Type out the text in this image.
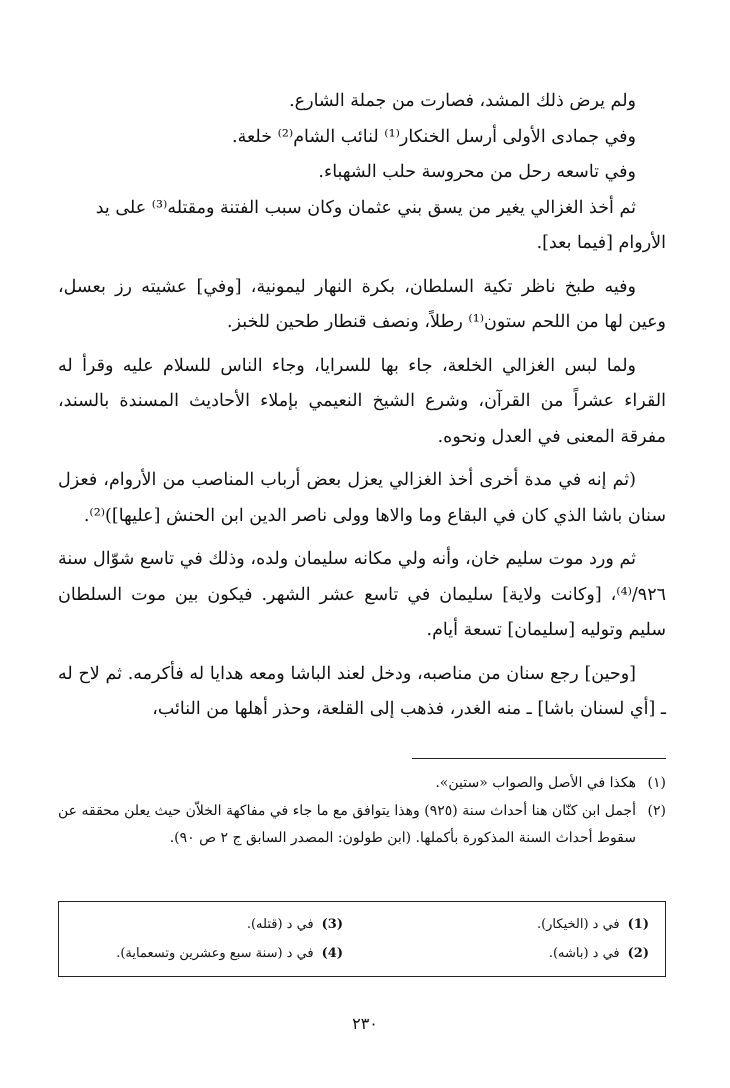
ولم يرض ذلك المشد، فصارت من جملة الشارع.
وفي جمادى الأولى أرسل الخنكار⁽¹⁾ لنائب الشام⁽²⁾ خلعة.
وفي تاسعه رحل من محروسة حلب الشهباء.
ثم أخذ الغزالي يغير من يسق بني عثمان وكان سبب الفتنة ومقتله⁽³⁾ على يد
الأروام [فيما بعد].

وفيه طبخ ناظر تكية السلطان، بكرة النهار ليمونية، [وفي] عشيته رز بعسل، وعين لها من اللحم ستون⁽¹⁾ رطلاً، ونصف قنطار طحين للخبز.

ولما لبس الغزالي الخلعة، جاء بها للسرايا، وجاء الناس للسلام عليه وقرأ له القراء عشراً من القرآن، وشرع الشيخ النعيمي بإملاء الأحاديث المسندة بالسند، مفرقة المعنى في العدل ونحوه.

(ثم إنه في مدة أخرى أخذ الغزالي يعزل بعض أرباب المناصب من الأروام، فعزل سنان باشا الذي كان في البقاع وما والاها وولى ناصر الدين ابن الحنش [عليها])⁽²⁾.

ثم ورد موت سليم خان، وأنه ولي مكانه سليمان ولده، وذلك في تاسع شوّال سنة ٩٢٦/⁽⁴⁾، [وكانت ولاية] سليمان في تاسع عشر الشهر. فيكون بين موت السلطان سليم وتوليه [سليمان] تسعة أيام.

[وحين] رجع سنان من مناصبه، ودخل لعند الباشا ومعه هدايا له فأكرمه. ثم لاح له ـ [أي لسنان باشا] ـ منه الغدر، فذهب إلى القلعة، وحذر أهلها من النائب،

(١)
هكذا في الأصل والصواب «ستين».
(٢)
أجمل ابن كنّان هنا أحداث سنة (٩٢٥) وهذا يتوافق مع ما جاء في مفاكهة الخلاّن حيث يعلن محققه عن سقوط أحداث السنة المذكورة بأكملها. (ابن طولون: المصدر السابق ج ٢ ص ٩٠).
(1)في د (الخيكار).
(2)في د (باشه).
(3)في د (قتله).
(4)في د (سنة سبع وعشرين وتسعماية).
٢٣٠
